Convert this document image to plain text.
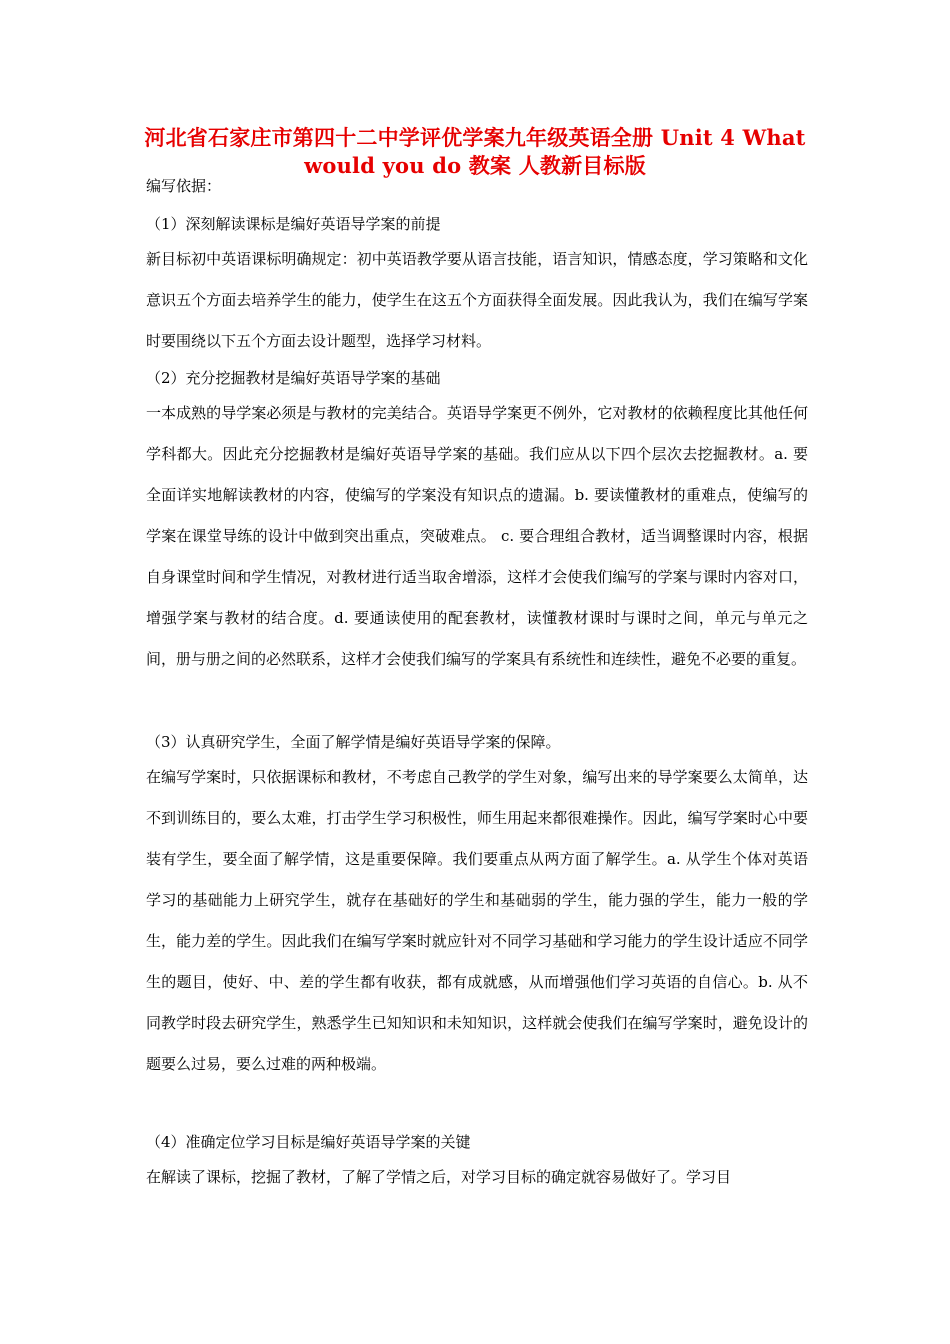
河北省石家庄市第四十二中学评优学案九年级英语全册 Unit 4 What would you do 教案 人教新目标版
编写依据：
（1）深刻解读课标是编好英语导学案的前提
新目标初中英语课标明确规定：初中英语教学要从语言技能，语言知识，情感态度，学习策略和文化意识五个方面去培养学生的能力，使学生在这五个方面获得全面发展。因此我认为，我们在编写学案时要围绕以下五个方面去设计题型，选择学习材料。
（2）充分挖掘教材是编好英语导学案的基础
一本成熟的导学案必须是与教材的完美结合。英语导学案更不例外，它对教材的依赖程度比其他任何学科都大。因此充分挖掘教材是编好英语导学案的基础。我们应从以下四个层次去挖掘教材。a. 要全面详实地解读教材的内容，使编写的学案没有知识点的遗漏。b. 要读懂教材的重难点，使编写的学案在课堂导练的设计中做到突出重点，突破难点。 c. 要合理组合教材，适当调整课时内容，根据自身课堂时间和学生情况，对教材进行适当取舍增添，这样才会使我们编写的学案与课时内容对口，增强学案与教材的结合度。d. 要通读使用的配套教材，读懂教材课时与课时之间，单元与单元之间，册与册之间的必然联系，这样才会使我们编写的学案具有系统性和连续性，避免不必要的重复。
（3）认真研究学生，全面了解学情是编好英语导学案的保障。
在编写学案时，只依据课标和教材，不考虑自己教学的学生对象，编写出来的导学案要么太简单，达不到训练目的，要么太难，打击学生学习积极性，师生用起来都很难操作。因此，编写学案时心中要装有学生，要全面了解学情，这是重要保障。我们要重点从两方面了解学生。a. 从学生个体对英语学习的基础能力上研究学生，就存在基础好的学生和基础弱的学生，能力强的学生，能力一般的学生，能力差的学生。因此我们在编写学案时就应针对不同学习基础和学习能力的学生设计适应不同学生的题目，使好、中、差的学生都有收获，都有成就感，从而增强他们学习英语的自信心。b. 从不同教学时段去研究学生，熟悉学生已知知识和未知知识，这样就会使我们在编写学案时，避免设计的题要么过易，要么过难的两种极端。
（4）准确定位学习目标是编好英语导学案的关键
在解读了课标，挖掘了教材，了解了学情之后，对学习目标的确定就容易做好了。学习目
